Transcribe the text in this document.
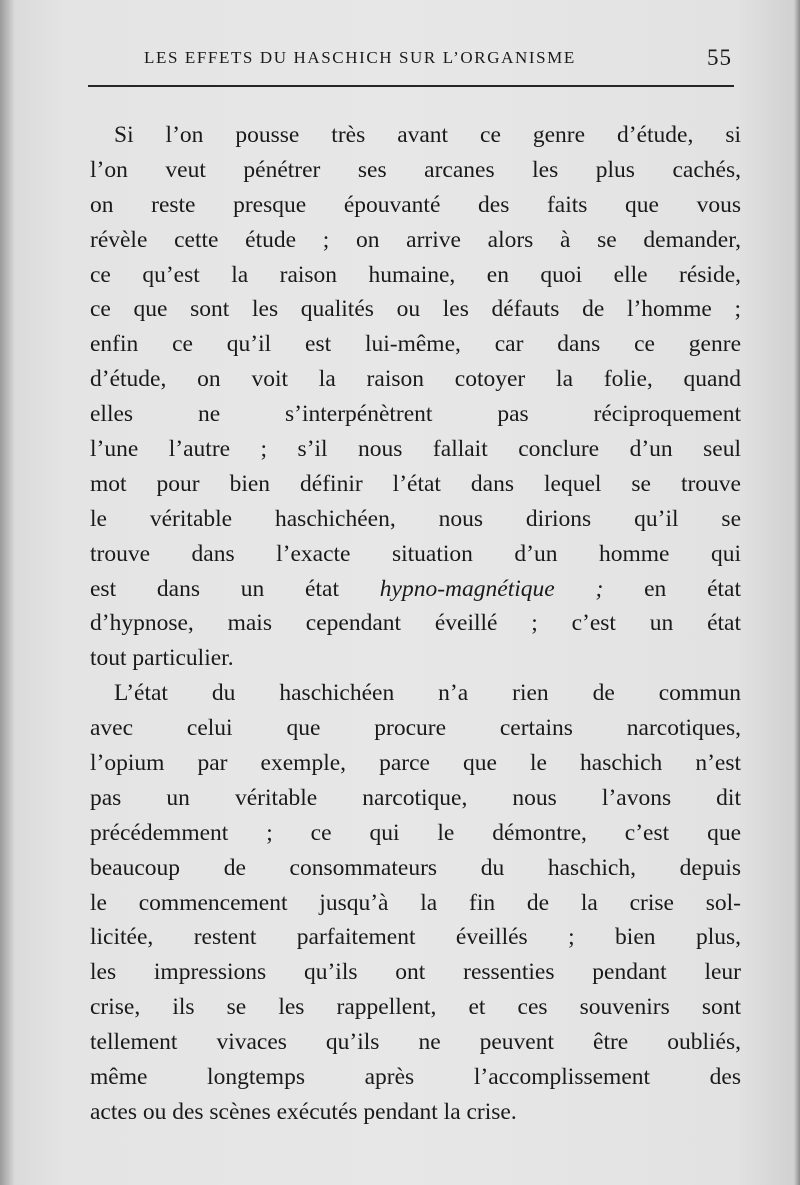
LES EFFETS DU HASCHICH SUR L’ORGANISME	55
Si l’on pousse très avant ce genre d’étude, si
l’on veut pénétrer ses arcanes les plus cachés,
on reste presque épouvanté des faits que vous
révèle cette étude ; on arrive alors à se demander,
ce qu’est la raison humaine, en quoi elle réside,
ce que sont les qualités ou les défauts de l’homme ;
enfin ce qu’il est lui-même, car dans ce genre
d’étude, on voit la raison cotoyer la folie, quand
elles ne s’interpénètrent pas réciproquement
l’une l’autre ; s’il nous fallait conclure d’un seul
mot pour bien définir l’état dans lequel se trouve
le véritable haschichéen, nous dirions qu’il se
trouve dans l’exacte situation d’un homme qui
est dans un état hypno-magnétique ; en état
d’hypnose, mais cependant éveillé ; c’est un état
tout particulier.
L’état du haschichéen n’a rien de commun
avec celui que procure certains narcotiques,
l’opium par exemple, parce que le haschich n’est
pas un véritable narcotique, nous l’avons dit
précédemment ; ce qui le démontre, c’est que
beaucoup de consommateurs du haschich, depuis
le commencement jusqu’à la fin de la crise sol-
licitée, restent parfaitement éveillés ; bien plus,
les impressions qu’ils ont ressenties pendant leur
crise, ils se les rappellent, et ces souvenirs sont
tellement vivaces qu’ils ne peuvent être oubliés,
même longtemps après l’accomplissement des
actes ou des scènes exécutés pendant la crise.
